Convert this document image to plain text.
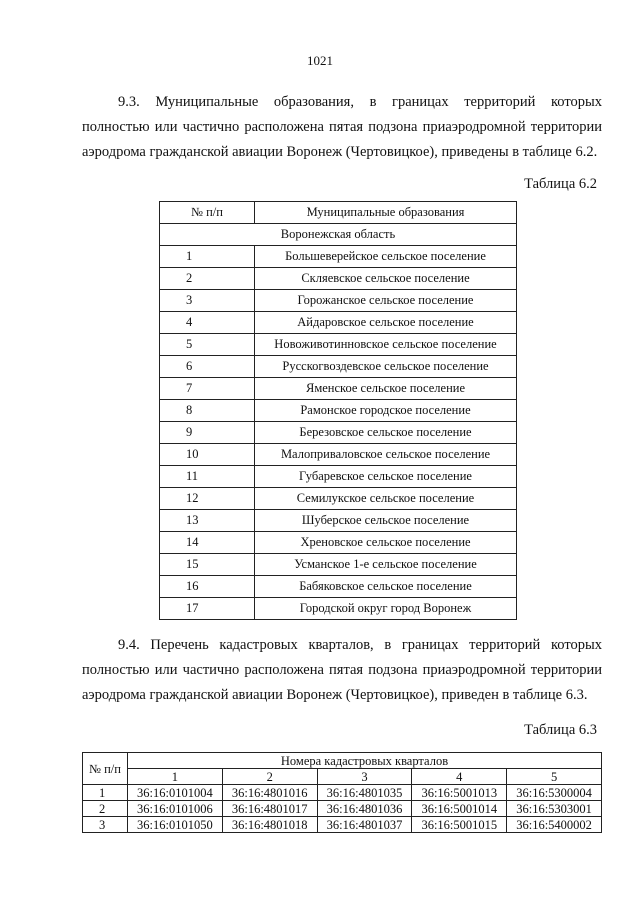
1021
9.3. Муниципальные образования, в границах территорий которых
полностью или частично расположена пятая подзона приаэродромной территории
аэродрома гражданской авиации Воронеж (Чертовицкое), приведены в таблице 6.2.
Таблица 6.2
№ п/п	Муниципальные образования
Воронежская область	
1	Большеверейское сельское поселение
2	Скляевское сельское поселение
3	Горожанское сельское поселение
4	Айдаровское сельское поселение
5	Новоживотинновское сельское поселение
6	Русскогвоздевское сельское поселение
7	Яменское сельское поселение
8	Рамонское городское поселение
9	Березовское сельское поселение
10	Малоприваловское сельское поселение
11	Губаревское сельское поселение
12	Семилукское сельское поселение
13	Шуберское сельское поселение
14	Хреновское сельское поселение
15	Усманское 1-е сельское поселение
16	Бабяковское сельское поселение
17	Городской округ город Воронеж
9.4. Перечень кадастровых кварталов, в границах территорий которых
полностью или частично расположена пятая подзона приаэродромной территории
аэродрома гражданской авиации Воронеж (Чертовицкое), приведен в таблице 6.3.
Таблица 6.3
№ п/п	Номера кадастровых кварталов				
	1	2	3	4	5
1	36:16:0101004	36:16:4801016	36:16:4801035	36:16:5001013	36:16:5300004
2	36:16:0101006	36:16:4801017	36:16:4801036	36:16:5001014	36:16:5303001
3	36:16:0101050	36:16:4801018	36:16:4801037	36:16:5001015	36:16:5400002
